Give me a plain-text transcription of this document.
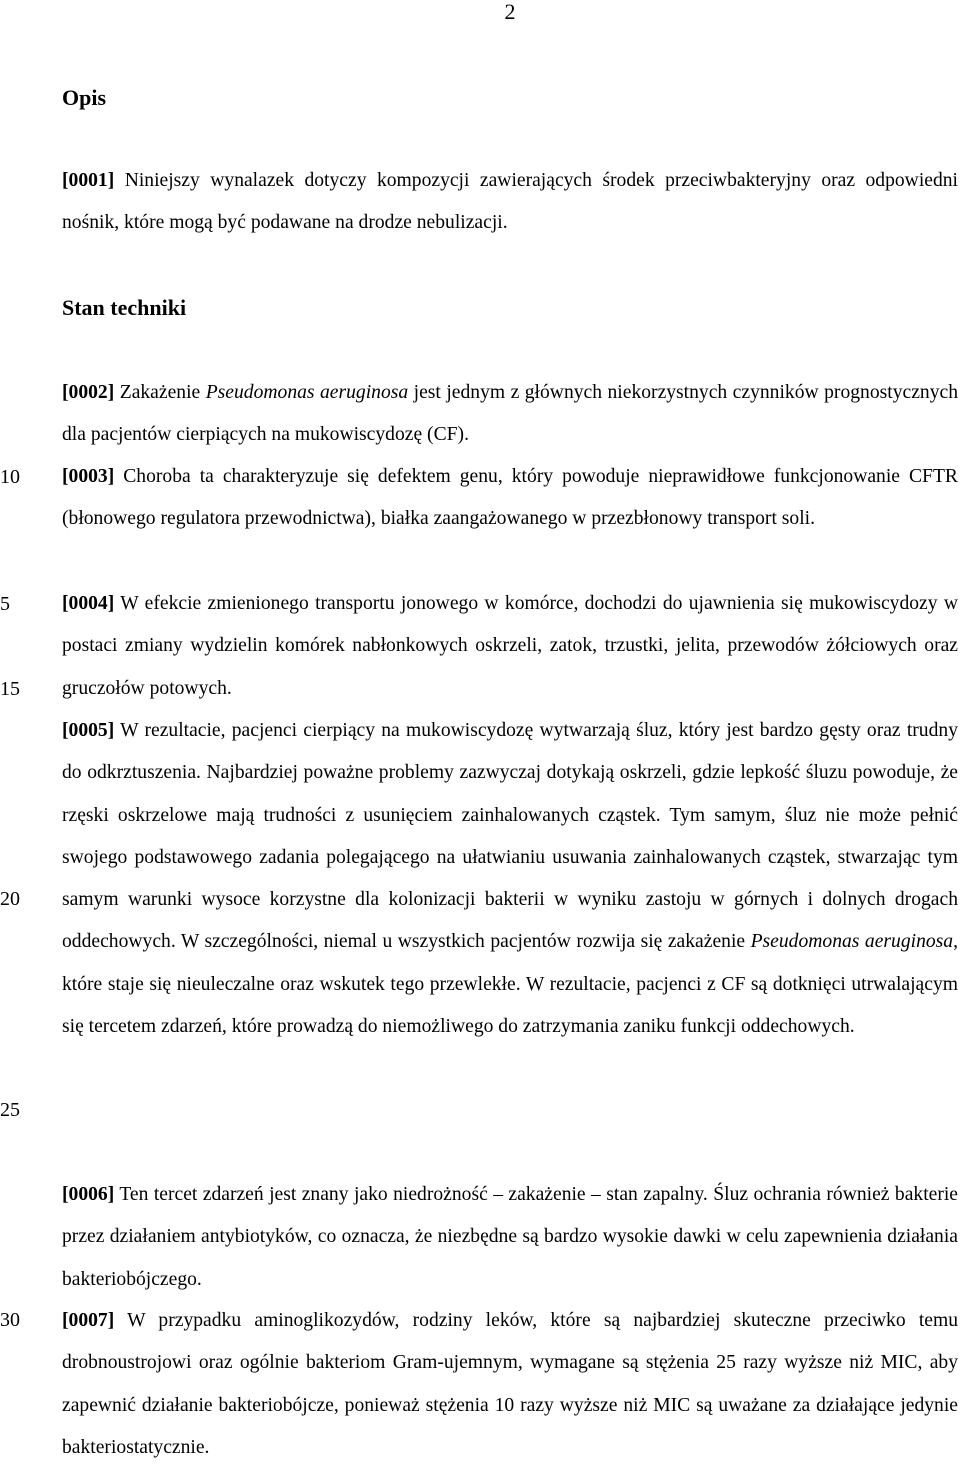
2
5
10
15
20
25
30
Opis

[0001] Niniejszy wynalazek dotyczy kompozycji zawierających środek przeciwbakteryjny oraz odpowiedni nośnik, które mogą być podawane na drodze nebulizacji.

Stan techniki

[0002] Zakażenie Pseudomonas aeruginosa jest jednym z głównych niekorzystnych czynników prognostycznych dla pacjentów cierpiących na mukowiscydozę (CF).

[0003] Choroba ta charakteryzuje się defektem genu, który powoduje nieprawidłowe funkcjonowanie CFTR (błonowego regulatora przewodnictwa), białka zaangażowanego w przezbłonowy transport soli.

[0004] W efekcie zmienionego transportu jonowego w komórce, dochodzi do ujawnienia się mukowiscydozy w postaci zmiany wydzielin komórek nabłonkowych oskrzeli, zatok, trzustki, jelita, przewodów żółciowych oraz gruczołów potowych.

[0005] W rezultacie, pacjenci cierpiący na mukowiscydozę wytwarzają śluz, który jest bardzo gęsty oraz trudny do odkrztuszenia. Najbardziej poważne problemy zazwyczaj dotykają oskrzeli, gdzie lepkość śluzu powoduje, że rzęski oskrzelowe mają trudności z usunięciem zainhalowanych cząstek. Tym samym, śluz nie może pełnić swojego podstawowego zadania polegającego na ułatwianiu usuwania zainhalowanych cząstek, stwarzając tym samym warunki wysoce korzystne dla kolonizacji bakterii w wyniku zastoju w górnych i dolnych drogach oddechowych. W szczególności, niemal u wszystkich pacjentów rozwija się zakażenie Pseudomonas aeruginosa, które staje się nieuleczalne oraz wskutek tego przewlekłe. W rezultacie, pacjenci z CF są dotknięci utrwalającym się tercetem zdarzeń, które prowadzą do niemożliwego do zatrzymania zaniku funkcji oddechowych.

[0006] Ten tercet zdarzeń jest znany jako niedrożność – zakażenie – stan zapalny. Śluz ochrania również bakterie przez działaniem antybiotyków, co oznacza, że niezbędne są bardzo wysokie dawki w celu zapewnienia działania bakteriobójczego.

[0007] W przypadku aminoglikozydów, rodziny leków, które są najbardziej skuteczne przeciwko temu drobnoustrojowi oraz ogólnie bakteriom Gram-ujemnym, wymagane są stężenia 25 razy wyższe niż MIC, aby zapewnić działanie bakteriobójcze, ponieważ stężenia 10 razy wyższe niż MIC są uważane za działające jedynie bakteriostatycznie.
